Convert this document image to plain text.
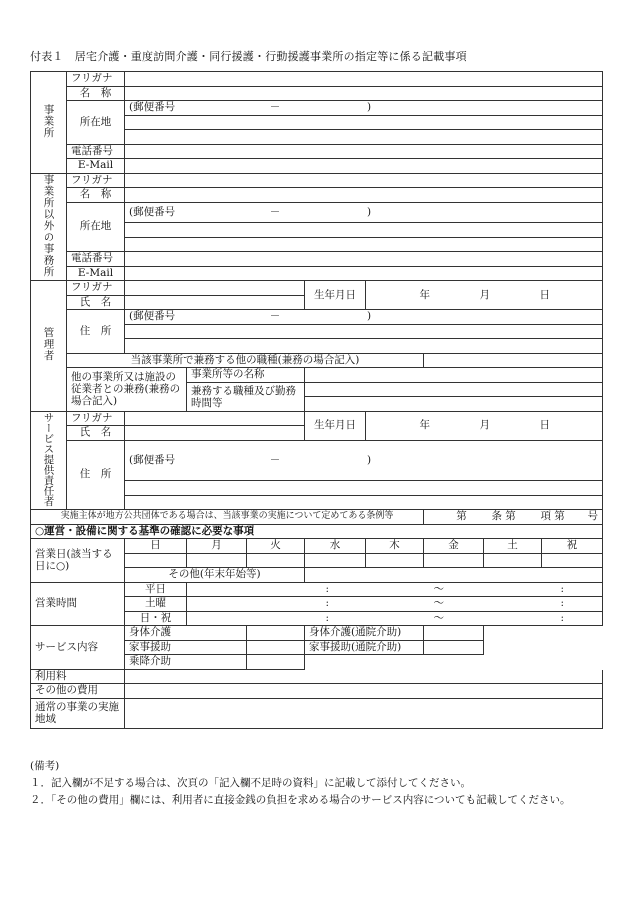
付表１　居宅介護・重度訪問介護・同行援護・行動援護事業所の指定等に係る記載事項
事業所	フリガナ								
	名　称								
	所在地	(郵便番号 － )							

	電話番号								
	E-Mail								
事業所以外の事務所	フリガナ								
	名　称								
	所在地	(郵便番号 － )							

	電話番号								
	E-Mail								
管理者	フリガナ				生年月日	年 月 日			
	氏　名								
	住　所	(郵便番号 － )							

	当該事業所で兼務する他の職種(兼務の場合記入)								
	他の事業所又は施設の従業者との兼務(兼務の場合記入)		事業所等の名称						
			兼務する職種及び勤務時間等						

サービス提供責任者	フリガナ				生年月日	年 月 日			
	氏　名								
	住　所	(郵便番号 － )							

実施主体が地方公共団体である場合は、当該事業の実施について定めてある条例等							第 条 第 項 第 号		
○運営・設備に関する基準の確認に必要な事項									
営業日(該当する日に○)		日	月	火	水	木	金	土	祝

		その他(年末年始等)							
営業時間		平日	: ～ :						
		土曜	: ～ :						
		日・祝	: ～ :						
サービス内容		身体介護			身体介護(通院介助)				
		家事援助			家事援助(通院介助)				
		乗降介助							
利用料									
その他の費用									
通常の事業の実施地域									
(備考)
１．記入欄が不足する場合は、次頁の「記入欄不足時の資料」に記載して添付してください。
２．「その他の費用」欄には、利用者に直接金銭の負担を求める場合のサービス内容についても記載してください。
